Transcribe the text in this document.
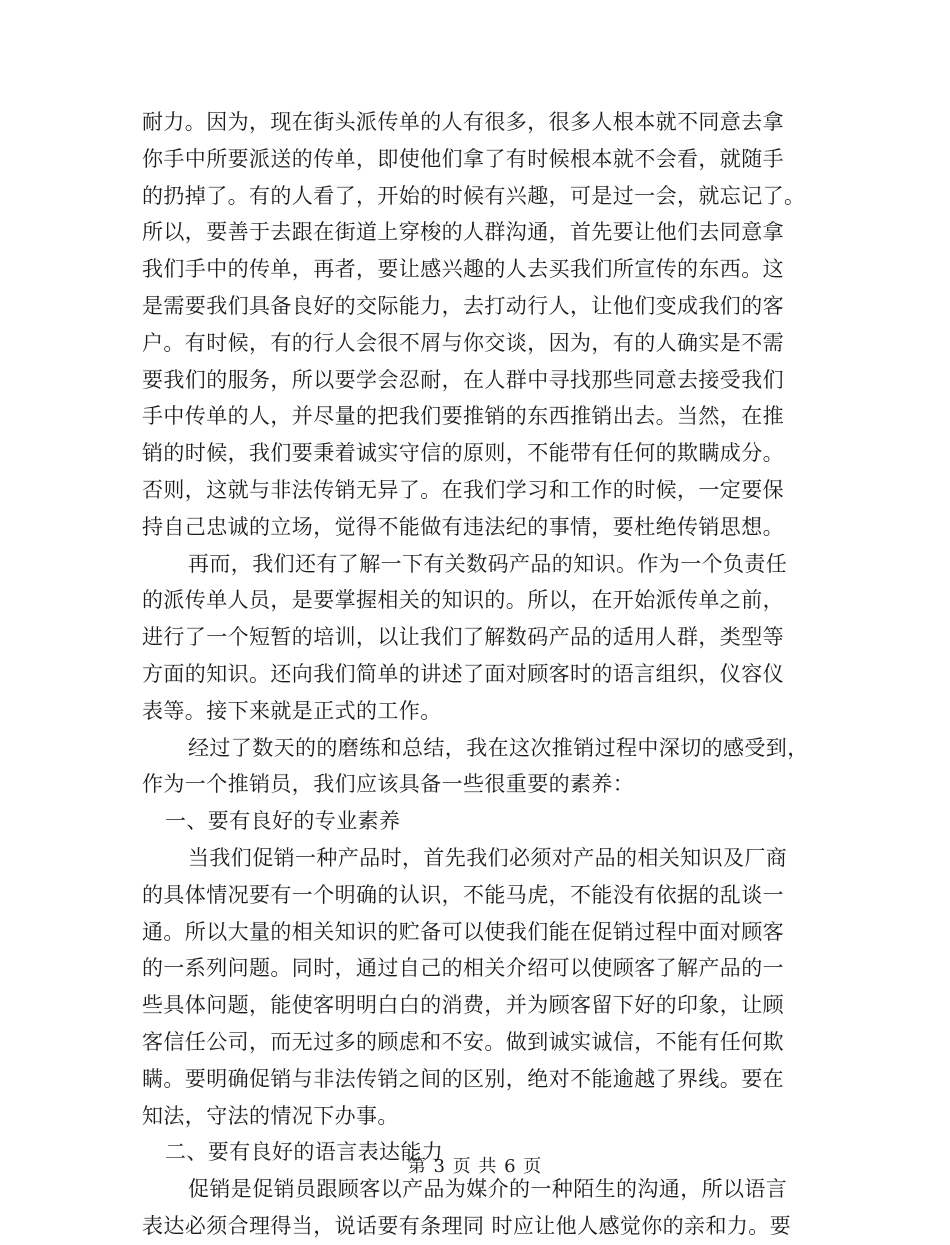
耐力。因为，现在街头派传单的人有很多，很多人根本就不同意去拿
你手中所要派送的传单，即使他们拿了有时候根本就不会看，就随手
的扔掉了。有的人看了，开始的时候有兴趣，可是过一会，就忘记了。
所以，要善于去跟在街道上穿梭的人群沟通，首先要让他们去同意拿
我们手中的传单，再者，要让感兴趣的人去买我们所宣传的东西。这
是需要我们具备良好的交际能力，去打动行人，让他们变成我们的客
户。有时候，有的行人会很不屑与你交谈，因为，有的人确实是不需
要我们的服务，所以要学会忍耐，在人群中寻找那些同意去接受我们
手中传单的人，并尽量的把我们要推销的东西推销出去。当然，在推
销的时候，我们要秉着诚实守信的原则，不能带有任何的欺瞒成分。
否则，这就与非法传销无异了。在我们学习和工作的时候，一定要保
持自己忠诚的立场，觉得不能做有违法纪的事情，要杜绝传销思想。
再而，我们还有了解一下有关数码产品的知识。作为一个负责任
的派传单人员，是要掌握相关的知识的。所以，在开始派传单之前，
进行了一个短暂的培训，以让我们了解数码产品的适用人群，类型等
方面的知识。还向我们简单的讲述了面对顾客时的语言组织，仪容仪
表等。接下来就是正式的工作。
经过了数天的的磨练和总结，我在这次推销过程中深切的感受到，
作为一个推销员，我们应该具备一些很重要的素养：
一、要有良好的专业素养
当我们促销一种产品时，首先我们必须对产品的相关知识及厂商
的具体情况要有一个明确的认识，不能马虎，不能没有依据的乱谈一
通。所以大量的相关知识的贮备可以使我们能在促销过程中面对顾客
的一系列问题。同时，通过自己的相关介绍可以使顾客了解产品的一
些具体问题，能使客明明白白的消费，并为顾客留下好的印象，让顾
客信任公司，而无过多的顾虑和不安。做到诚实诚信，不能有任何欺
瞒。要明确促销与非法传销之间的区别，绝对不能逾越了界线。要在
知法，守法的情况下办事。
二、要有良好的语言表达能力
促销是促销员跟顾客以产品为媒介的一种陌生的沟通，所以语言
表达必须合理得当，说话要有条理同 时应让他人感觉你的亲和力。要
第 3 页 共 6 页
